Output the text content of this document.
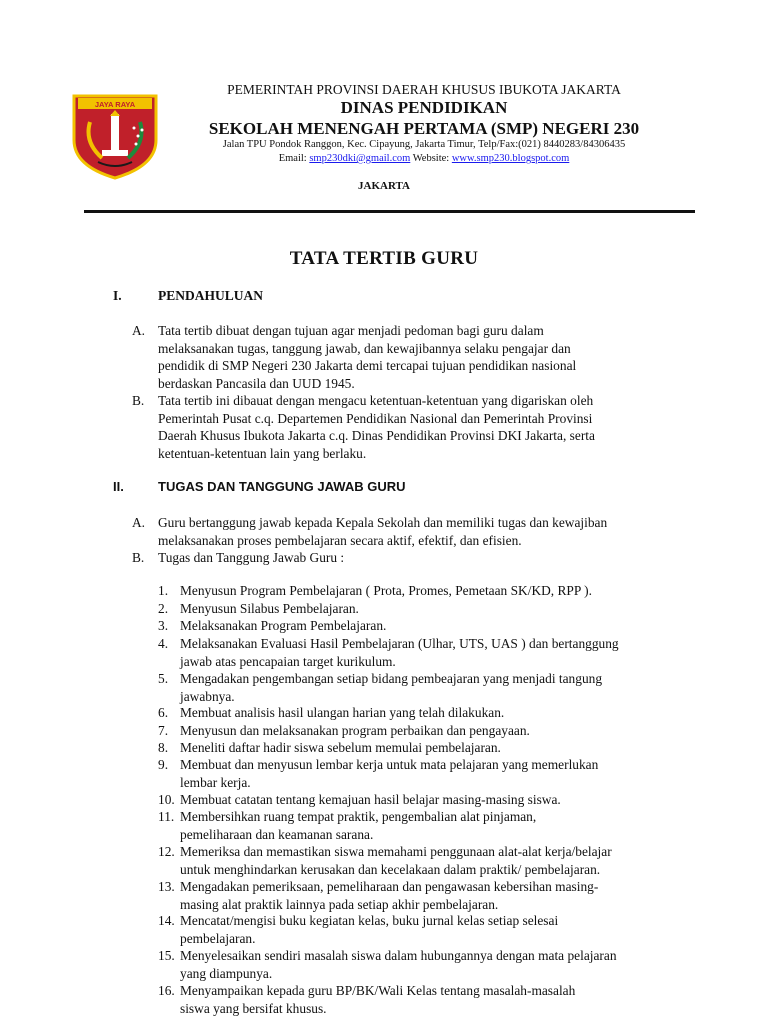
JAYA RAYA
PEMERINTAH PROVINSI DAERAH KHUSUS IBUKOTA JAKARTA
DINAS PENDIDIKAN
SEKOLAH MENENGAH PERTAMA (SMP) NEGERI 230
Jalan TPU Pondok Ranggon, Kec. Cipayung, Jakarta Timur, Telp/Fax:(021) 8440283/84306435
Email: smp230dki@gmail.com Website: www.smp230.blogspot.com
JAKARTA
TATA TERTIB GURU
I.	PENDAHULUAN
A. Tata tertib dibuat dengan tujuan agar menjadi pedoman bagi guru dalam
melaksanakan tugas, tanggung jawab, dan kewajibannya selaku pengajar dan
pendidik di SMP Negeri 230 Jakarta demi tercapai tujuan pendidikan nasional
berdaskan Pancasila dan UUD 1945.
B. Tata tertib ini dibauat dengan mengacu ketentuan-ketentuan yang digariskan oleh
Pemerintah Pusat c.q. Departemen Pendidikan Nasional dan Pemerintah Provinsi
Daerah Khusus Ibukota Jakarta c.q. Dinas Pendidikan Provinsi DKI Jakarta, serta
ketentuan-ketentuan lain yang berlaku.
II.	TUGAS DAN TANGGUNG JAWAB GURU
A. Guru bertanggung jawab kepada Kepala Sekolah dan memiliki tugas dan kewajiban
melaksanakan proses pembelajaran secara aktif, efektif, dan efisien.
B. Tugas dan Tanggung Jawab Guru :
1. Menyusun Program Pembelajaran ( Prota, Promes, Pemetaan SK/KD, RPP ).
2. Menyusun Silabus Pembelajaran.
3. Melaksanakan Program Pembelajaran.
4. Melaksanakan Evaluasi Hasil Pembelajaran (Ulhar, UTS, UAS ) dan bertanggung
jawab atas pencapaian target kurikulum.
5. Mengadakan pengembangan setiap bidang pembeajaran yang menjadi tangung
jawabnya.
6. Membuat analisis hasil ulangan harian yang telah dilakukan.
7. Menyusun dan melaksanakan program perbaikan dan pengayaan.
8. Meneliti daftar hadir siswa sebelum memulai pembelajaran.
9. Membuat dan menyusun lembar kerja untuk mata pelajaran yang memerlukan
lembar kerja.
10. Membuat catatan tentang kemajuan hasil belajar masing-masing siswa.
11. Membersihkan ruang tempat praktik, pengembalian alat pinjaman,
pemeliharaan dan keamanan sarana.
12. Memeriksa dan memastikan siswa memahami penggunaan alat-alat kerja/belajar
untuk menghindarkan kerusakan dan kecelakaan dalam praktik/ pembelajaran.
13. Mengadakan pemeriksaan, pemeliharaan dan pengawasan kebersihan masing-
masing alat praktik lainnya pada setiap akhir pembelajaran.
14. Mencatat/mengisi buku kegiatan kelas, buku jurnal kelas setiap selesai
pembelajaran.
15. Menyelesaikan sendiri masalah siswa dalam hubungannya dengan mata pelajaran
yang diampunya.
16. Menyampaikan kepada guru BP/BK/Wali Kelas tentang masalah-masalah
siswa yang bersifat khusus.
